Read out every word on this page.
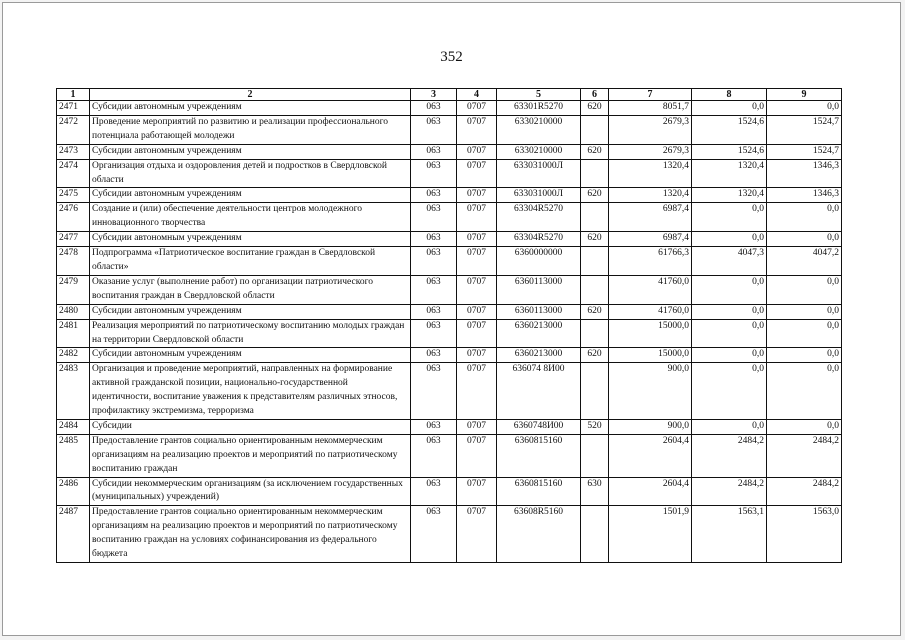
352
1	2	3	4	5	6	7	8	9
2471	Субсидии автономным учреждениям	063	0707	63301R5270	620	8051,7	0,0	0,0
2472	Проведение мероприятий по развитию и реализации профессионального потенциала работающей молодежи	063	0707	6330210000		2679,3	1524,6	1524,7
2473	Субсидии автономным учреждениям	063	0707	6330210000	620	2679,3	1524,6	1524,7
2474	Организация отдыха и оздоровления детей и подростков в Свердловской области	063	0707	633031000Л		1320,4	1320,4	1346,3
2475	Субсидии автономным учреждениям	063	0707	633031000Л	620	1320,4	1320,4	1346,3
2476	Создание и (или) обеспечение деятельности центров молодежного инновационного творчества	063	0707	63304R5270		6987,4	0,0	0,0
2477	Субсидии автономным учреждениям	063	0707	63304R5270	620	6987,4	0,0	0,0
2478	Подпрограмма «Патриотическое воспитание граждан в Свердловской области»	063	0707	6360000000		61766,3	4047,3	4047,2
2479	Оказание услуг (выполнение работ) по организации патриотического воспитания граждан в Свердловской области	063	0707	6360113000		41760,0	0,0	0,0
2480	Субсидии автономным учреждениям	063	0707	6360113000	620	41760,0	0,0	0,0
2481	Реализация мероприятий по патриотическому воспитанию молодых граждан на территории Свердловской области	063	0707	6360213000		15000,0	0,0	0,0
2482	Субсидии автономным учреждениям	063	0707	6360213000	620	15000,0	0,0	0,0
2483	Организация и проведение мероприятий, направленных на формирование активной гражданской позиции, национально-государственной идентичности, воспитание уважения к представителям различных этносов, профилактику экстремизма, терроризма	063	0707	636074 8И00		900,0	0,0	0,0
2484	Субсидии	063	0707	6360748И00	520	900,0	0,0	0,0
2485	Предоставление грантов социально ориентированным некоммерческим организациям на реализацию проектов и мероприятий по патриотическому воспитанию граждан	063	0707	6360815160		2604,4	2484,2	2484,2
2486	Субсидии некоммерческим организациям (за исключением государственных (муниципальных) учреждений)	063	0707	6360815160	630	2604,4	2484,2	2484,2
2487	Предоставление грантов социально ориентированным некоммерческим организациям на реализацию проектов и мероприятий по патриотическому воспитанию граждан на условиях софинансирования из федерального бюджета	063	0707	63608R5160		1501,9	1563,1	1563,0
